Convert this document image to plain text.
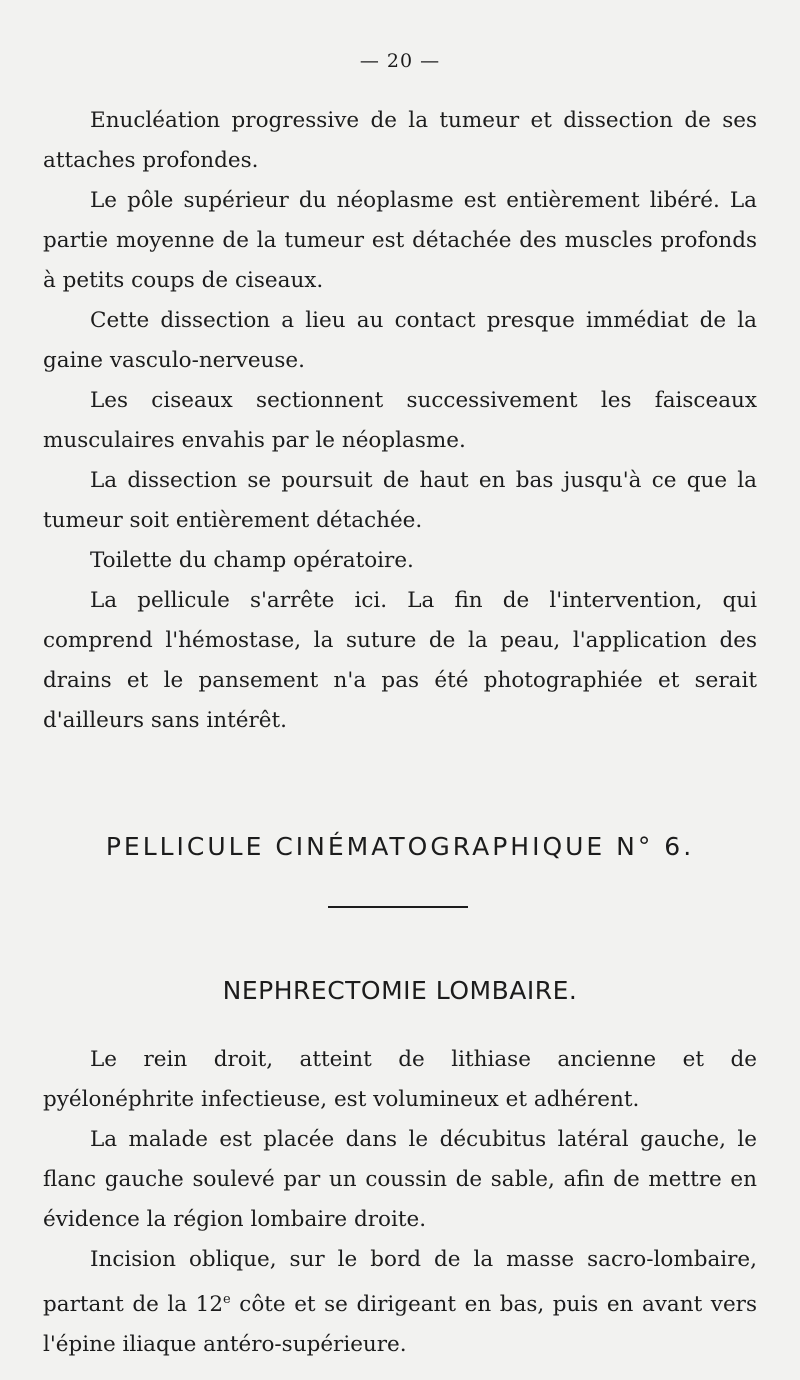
— 20 —

Enucléation progressive de la tumeur et dissection de ses attaches profondes.

Le pôle supérieur du néoplasme est entièrement libéré. La partie moyenne de la tumeur est détachée des muscles profonds à petits coups de ciseaux.

Cette dissection a lieu au contact presque immédiat de la gaine vasculo-nerveuse.

Les ciseaux sectionnent successivement les faisceaux musculaires envahis par le néoplasme.

La dissection se poursuit de haut en bas jusqu'à ce que la tumeur soit entièrement détachée.

Toilette du champ opératoire.

La pellicule s'arrête ici. La fin de l'intervention, qui comprend l'hémostase, la suture de la peau, l'application des drains et le pansement n'a pas été photographiée et serait d'ailleurs sans intérêt.

PELLICULE CINÉMATOGRAPHIQUE N° 6.
NEPHRECTOMIE LOMBAIRE.

Le rein droit, atteint de lithiase ancienne et de pyélonéphrite infectieuse, est volumineux et adhérent.

La malade est placée dans le décubitus latéral gauche, le flanc gauche soulevé par un coussin de sable, afin de mettre en évidence la région lombaire droite.

Incision oblique, sur le bord de la masse sacro-lombaire, partant de la 12e côte et se dirigeant en bas, puis en avant vers l'épine iliaque antéro-supérieure.
